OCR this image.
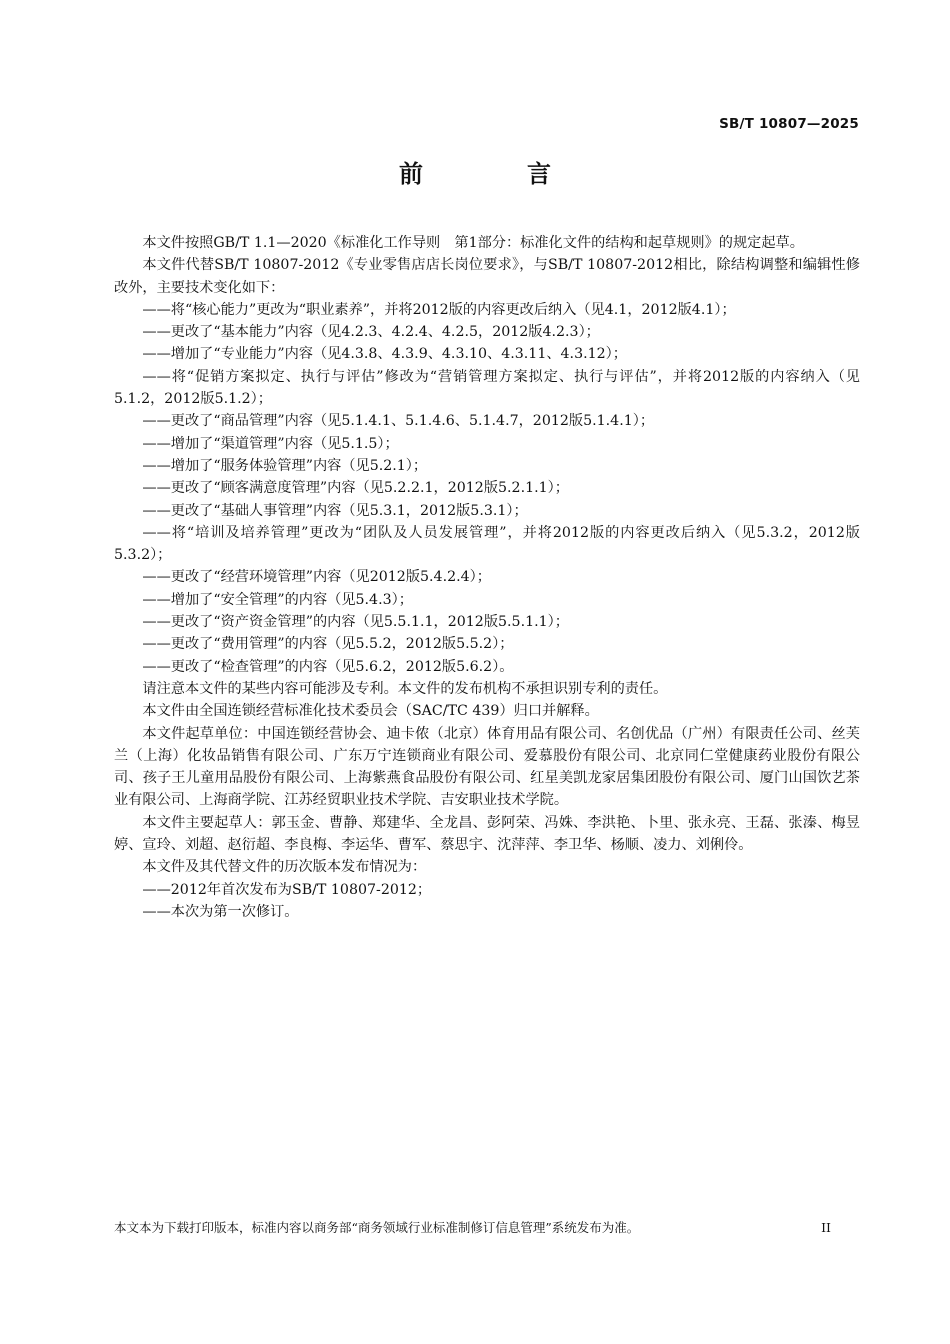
SB/T 10807—2025
前　言

本文件按照GB/T 1.1—2020《标准化工作导则　第1部分：标准化文件的结构和起草规则》的规定起草。

本文件代替SB/T 10807-2012《专业零售店店长岗位要求》，与SB/T 10807-2012相比，除结构调整和编辑性修改外，主要技术变化如下：

——将“核心能力”更改为“职业素养”，并将2012版的内容更改后纳入（见4.1，2012版4.1）；

——更改了“基本能力”内容（见4.2.3、4.2.4、4.2.5，2012版4.2.3）；

——增加了“专业能力”内容（见4.3.8、4.3.9、4.3.10、4.3.11、4.3.12）；

——将“促销方案拟定、执行与评估”修改为“营销管理方案拟定、执行与评估”，并将2012版的内容纳入（见5.1.2，2012版5.1.2）；

——更改了“商品管理”内容（见5.1.4.1、5.1.4.6、5.1.4.7，2012版5.1.4.1）；

——增加了“渠道管理”内容（见5.1.5）；

——增加了“服务体验管理”内容（见5.2.1）；

——更改了“顾客满意度管理”内容（见5.2.2.1，2012版5.2.1.1）；

——更改了“基础人事管理”内容（见5.3.1，2012版5.3.1）；

——将“培训及培养管理”更改为“团队及人员发展管理”，并将2012版的内容更改后纳入（见5.3.2，2012版5.3.2）；

——更改了“经营环境管理”内容（见2012版5.4.2.4）；

——增加了“安全管理”的内容（见5.4.3）；

——更改了“资产资金管理”的内容（见5.5.1.1，2012版5.5.1.1）；

——更改了“费用管理”的内容（见5.5.2，2012版5.5.2）；

——更改了“检查管理”的内容（见5.6.2，2012版5.6.2）。

请注意本文件的某些内容可能涉及专利。本文件的发布机构不承担识别专利的责任。

本文件由全国连锁经营标准化技术委员会（SAC/TC 439）归口并解释。

本文件起草单位：中国连锁经营协会、迪卡侬（北京）体育用品有限公司、名创优品（广州）有限责任公司、丝芙兰（上海）化妆品销售有限公司、广东万宁连锁商业有限公司、爱慕股份有限公司、北京同仁堂健康药业股份有限公司、孩子王儿童用品股份有限公司、上海紫燕食品股份有限公司、红星美凯龙家居集团股份有限公司、厦门山国饮艺茶业有限公司、上海商学院、江苏经贸职业技术学院、吉安职业技术学院。

本文件主要起草人：郭玉金、曹静、郑建华、全龙昌、彭阿荣、冯姝、李洪艳、卜里、张永亮、王磊、张溱、梅昱婷、宣玲、刘超、赵衍超、李良梅、李运华、曹军、蔡思宇、沈萍萍、李卫华、杨顺、凌力、刘俐伶。

本文件及其代替文件的历次版本发布情况为：

——2012年首次发布为SB/T 10807-2012；

——本次为第一次修订。

本文本为下载打印版本，标准内容以商务部“商务领域行业标准制修订信息管理”系统发布为准。	II
